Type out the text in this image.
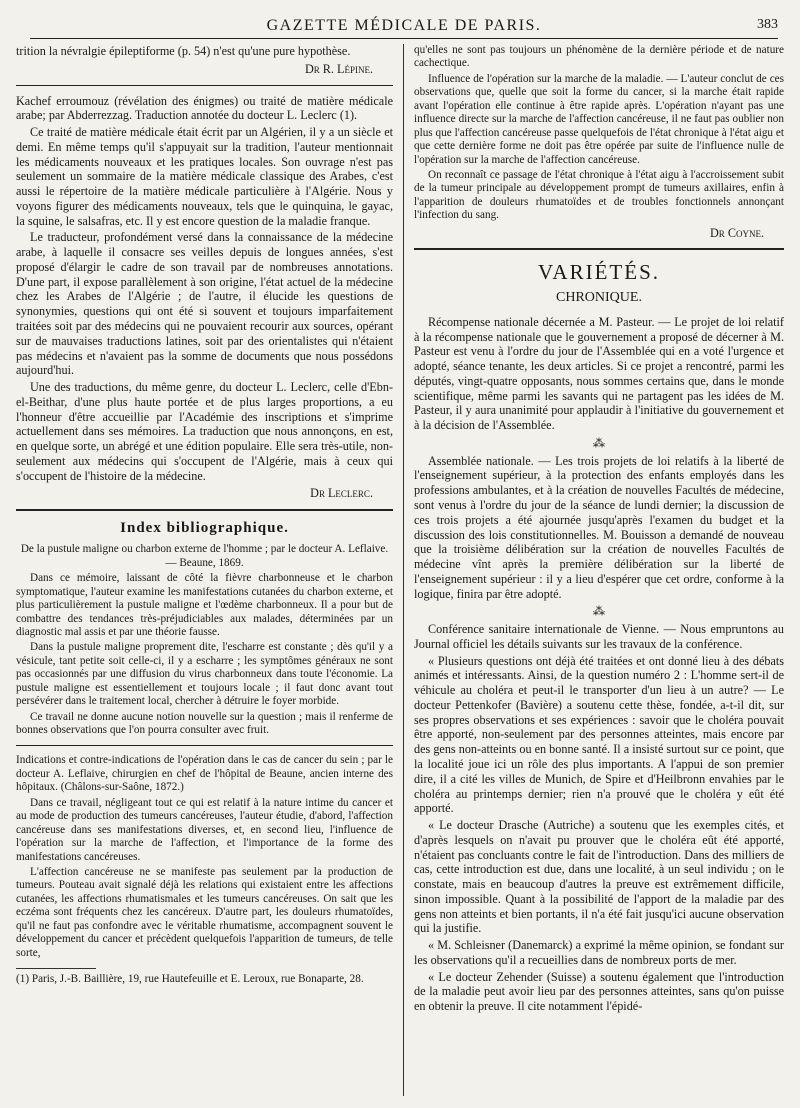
GAZETTE MÉDICALE DE PARIS.	383

trition la névralgie épileptiforme (p. 54) n'est qu'une pure hypothèse.

Dr R. Lépine.

Kachef erroumouz (révélation des énigmes) ou traité de matière médicale arabe; par Abderrezzag. Traduction annotée du docteur L. Leclerc (1).

Ce traité de matière médicale était écrit par un Algérien, il y a un siècle et demi. En même temps qu'il s'appuyait sur la tradition, l'auteur mentionnait les médicaments nouveaux et les pratiques locales. Son ouvrage n'est pas seulement un sommaire de la matière médicale classique des Arabes, c'est aussi le répertoire de la matière médicale particulière à l'Algérie. Nous y voyons figurer des médicaments nouveaux, tels que le quinquina, le gayac, la squine, le salsafras, etc. Il y est encore question de la maladie franque.

Le traducteur, profondément versé dans la connaissance de la médecine arabe, à laquelle il consacre ses veilles depuis de longues années, s'est proposé d'élargir le cadre de son travail par de nombreuses annotations. D'une part, il expose parallèlement à son origine, l'état actuel de la médecine chez les Arabes de l'Algérie ; de l'autre, il élucide les questions de synonymies, questions qui ont été si souvent et toujours imparfaitement traitées soit par des médecins qui ne pouvaient recourir aux sources, opérant sur de mauvaises traductions latines, soit par des orientalistes qui n'étaient pas médecins et n'avaient pas la somme de documents que nous possédons aujourd'hui.

Une des traductions, du même genre, du docteur L. Leclerc, celle d'Ebn-el-Beithar, d'une plus haute portée et de plus larges proportions, a eu l'honneur d'être accueillie par l'Académie des inscriptions et s'imprime actuellement dans ses mémoires. La traduction que nous annonçons, en est, en quelque sorte, un abrégé et une édition populaire. Elle sera très-utile, non-seulement aux médecins qui s'occupent de l'Algérie, mais à ceux qui s'occupent de l'histoire de la médecine.

Dr Leclerc.
Index bibliographique.

De la pustule maligne ou charbon externe de l'homme ; par le docteur A. Leflaive. — Beaune, 1869.

Dans ce mémoire, laissant de côté la fièvre charbonneuse et le charbon symptomatique, l'auteur examine les manifestations cutanées du charbon externe, et plus particulièrement la pustule maligne et l'œdème charbonneux. Il a pour but de combattre des tendances très-préjudiciables aux malades, déterminées par un diagnostic mal assis et par une théorie fausse.

Dans la pustule maligne proprement dite, l'escharre est constante ; dès qu'il y a vésicule, tant petite soit celle-ci, il y a escharre ; les symptômes généraux ne sont pas occasionnés par une diffusion du virus charbonneux dans toute l'économie. La pustule maligne est essentiellement et toujours locale ; il faut donc avant tout persévérer dans le traitement local, chercher à détruire le foyer morbide.

Ce travail ne donne aucune notion nouvelle sur la question ; mais il renferme de bonnes observations que l'on pourra consulter avec fruit.

Indications et contre-indications de l'opération dans le cas de cancer du sein ; par le docteur A. Leflaive, chirurgien en chef de l'hôpital de Beaune, ancien interne des hôpitaux. (Châlons-sur-Saône, 1872.)

Dans ce travail, négligeant tout ce qui est relatif à la nature intime du cancer et au mode de production des tumeurs cancéreuses, l'auteur étudie, d'abord, l'affection cancéreuse dans ses manifestations diverses, et, en second lieu, l'influence de l'opération sur la marche de l'affection, et l'importance de la forme des manifestations cancéreuses.

L'affection cancéreuse ne se manifeste pas seulement par la production de tumeurs. Pouteau avait signalé déjà les relations qui existaient entre les affections cutanées, les affections rhumatismales et les tumeurs cancéreuses. On sait que les eczéma sont fréquents chez les cancéreux. D'autre part, les douleurs rhumatoïdes, qu'il ne faut pas confondre avec le véritable rhumatisme, accompagnent souvent le développement du cancer et précèdent quelquefois l'apparition de tumeurs, de telle sorte,

(1) Paris, J.-B. Baillière, 19, rue Hautefeuille et E. Leroux, rue Bonaparte, 28.

qu'elles ne sont pas toujours un phénomène de la dernière période et de nature cachectique.

Influence de l'opération sur la marche de la maladie. — L'auteur conclut de ces observations que, quelle que soit la forme du cancer, si la marche était rapide avant l'opération elle continue à être rapide après. L'opération n'ayant pas une influence directe sur la marche de l'affection cancéreuse, il ne faut pas oublier non plus que l'affection cancéreuse passe quelquefois de l'état chronique à l'état aigu et que cette dernière forme ne doit pas être opérée par suite de l'influence nulle de l'opération sur la marche de l'affection cancéreuse.

On reconnaît ce passage de l'état chronique à l'état aigu à l'accroissement subit de la tumeur principale au développement prompt de tumeurs axillaires, enfin à l'apparition de douleurs rhumatoïdes et de troubles fonctionnels annonçant l'infection du sang.

Dr Coyne.
VARIÉTÉS.
CHRONIQUE.

Récompense nationale décernée a M. Pasteur. — Le projet de loi relatif à la récompense nationale que le gouvernement a proposé de décerner à M. Pasteur est venu à l'ordre du jour de l'Assemblée qui en a voté l'urgence et adopté, séance tenante, les deux articles. Si ce projet a rencontré, parmi les députés, vingt-quatre opposants, nous sommes certains que, dans le monde scientifique, même parmi les savants qui ne partagent pas les idées de M. Pasteur, il y aura unanimité pour applaudir à l'initiative du gouvernement et à la décision de l'Assemblée.

⁂

Assemblée nationale. — Les trois projets de loi relatifs à la liberté de l'enseignement supérieur, à la protection des enfants employés dans les professions ambulantes, et à la création de nouvelles Facultés de médecine, sont venus à l'ordre du jour de la séance de lundi dernier; la discussion de ces trois projets a été ajournée jusqu'après l'examen du budget et la discussion des lois constitutionnelles. M. Bouisson a demandé de nouveau que la troisième délibération sur la création de nouvelles Facultés de médecine vînt après la première délibération sur la liberté de l'enseignement supérieur : il y a lieu d'espérer que cet ordre, conforme à la logique, finira par être adopté.

⁂

Conférence sanitaire internationale de Vienne. — Nous empruntons au Journal officiel les détails suivants sur les travaux de la conférence.

« Plusieurs questions ont déjà été traitées et ont donné lieu à des débats animés et intéressants. Ainsi, de la question numéro 2 : L'homme sert-il de véhicule au choléra et peut-il le transporter d'un lieu à un autre? — Le docteur Pettenkofer (Bavière) a soutenu cette thèse, fondée, a-t-il dit, sur ses propres observations et ses expériences : savoir que le choléra pouvait être apporté, non-seulement par des personnes atteintes, mais encore par des gens non-atteints ou en bonne santé. Il a insisté surtout sur ce point, que la localité joue ici un rôle des plus importants. A l'appui de son premier dire, il a cité les villes de Munich, de Spire et d'Heilbronn envahies par le choléra au printemps dernier; rien n'a prouvé que le choléra y eût été apporté.

« Le docteur Drasche (Autriche) a soutenu que les exemples cités, et d'après lesquels on n'avait pu prouver que le choléra eût été apporté, n'étaient pas concluants contre le fait de l'introduction. Dans des milliers de cas, cette introduction est due, dans une localité, à un seul individu ; on le constate, mais en beaucoup d'autres la preuve est extrêmement difficile, sinon impossible. Quant à la possibilité de l'apport de la maladie par des gens non atteints et bien portants, il n'a été fait jusqu'ici aucune observation qui la justifie.

« M. Schleisner (Danemarck) a exprimé la même opinion, se fondant sur les observations qu'il a recueillies dans de nombreux ports de mer.

« Le docteur Zehender (Suisse) a soutenu également que l'introduction de la maladie peut avoir lieu par des personnes atteintes, sans qu'on puisse en obtenir la preuve. Il cite notamment l'épidé-
